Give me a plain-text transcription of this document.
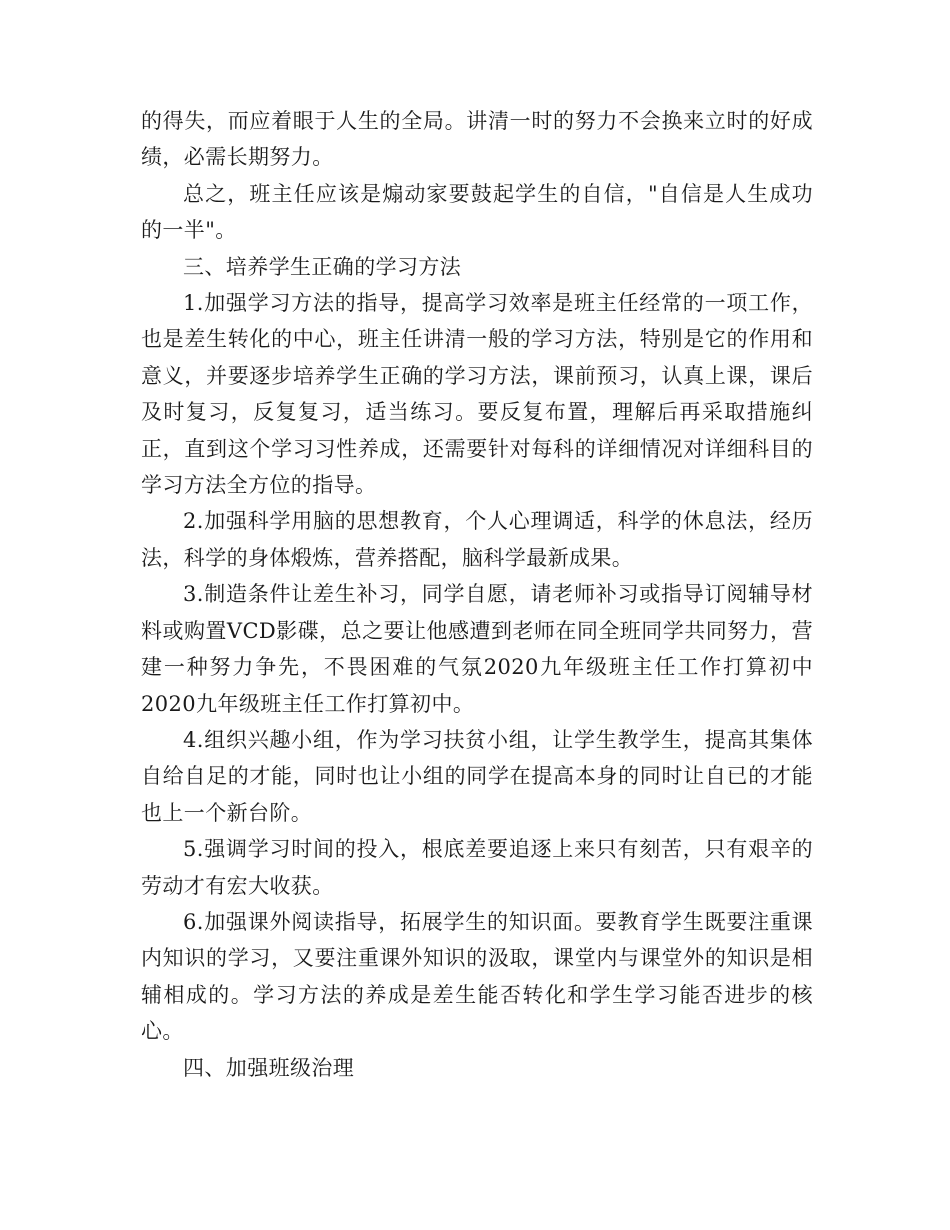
的得失，而应着眼于人生的全局。讲清一时的努力不会换来立时的好成绩，必需长期努力。

总之，班主任应该是煽动家要鼓起学生的自信，"自信是人生成功的一半"。

三、培养学生正确的学习方法

1.加强学习方法的指导，提高学习效率是班主任经常的一项工作，也是差生转化的中心，班主任讲清一般的学习方法，特别是它的作用和意义，并要逐步培养学生正确的学习方法，课前预习，认真上课，课后及时复习，反复复习，适当练习。要反复布置，理解后再采取措施纠正，直到这个学习习性养成，还需要针对每科的详细情况对详细科目的学习方法全方位的指导。

2.加强科学用脑的思想教育，个人心理调适，科学的休息法，经历法，科学的身体煅炼，营养搭配，脑科学最新成果。

3.制造条件让差生补习，同学自愿，请老师补习或指导订阅辅导材料或购置VCD影碟，总之要让他感遭到老师在同全班同学共同努力，营建一种努力争先，不畏困难的气氛2020九年级班主任工作打算初中2020九年级班主任工作打算初中。

4.组织兴趣小组，作为学习扶贫小组，让学生教学生，提高其集体自给自足的才能，同时也让小组的同学在提高本身的同时让自已的才能也上一个新台阶。

5.强调学习时间的投入，根底差要追逐上来只有刻苦，只有艰辛的劳动才有宏大收获。

6.加强课外阅读指导，拓展学生的知识面。要教育学生既要注重课内知识的学习，又要注重课外知识的汲取，课堂内与课堂外的知识是相辅相成的。学习方法的养成是差生能否转化和学生学习能否进步的核心。

四、加强班级治理
